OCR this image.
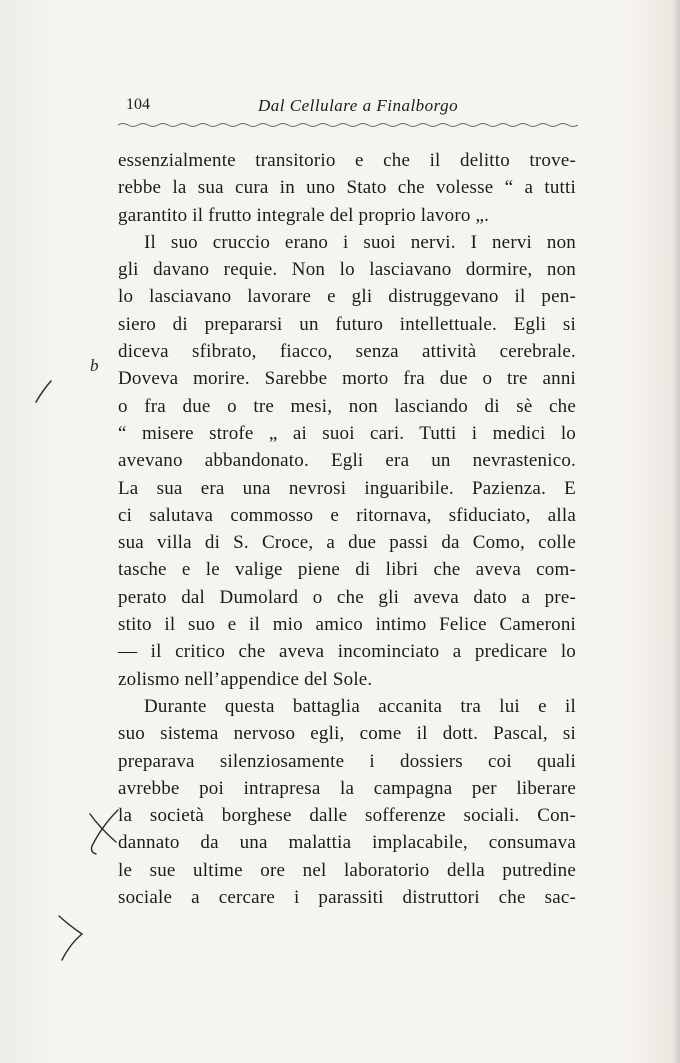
104	Dal Cellulare a Finalborgo

essenzialmente transitorio e che il delitto trove-
rebbe la sua cura in uno Stato che volesse “ a tutti
garantito il frutto integrale del proprio lavoro „.

Il suo cruccio erano i suoi nervi. I nervi non
gli davano requie. Non lo lasciavano dormire, non
lo lasciavano lavorare e gli distruggevano il pen-
siero di prepararsi un futuro intellettuale. Egli si
diceva sfibrato, fiacco, senza attività cerebrale.
Doveva morire. Sarebbe morto fra due o tre anni
o fra due o tre mesi, non lasciando di sè che
“ misere strofe „ ai suoi cari. Tutti i medici lo
avevano abbandonato. Egli era un nevrastenico.
La sua era una nevrosi inguaribile. Pazienza. E
ci salutava commosso e ritornava, sfiduciato, alla
sua villa di S. Croce, a due passi da Como, colle
tasche e le valige piene di libri che aveva com-
perato dal Dumolard o che gli aveva dato a pre-
stito il suo e il mio amico intimo Felice Cameroni
— il critico che aveva incominciato a predicare lo
zolismo nell’appendice del Sole.

Durante questa battaglia accanita tra lui e il
suo sistema nervoso egli, come il dott. Pascal, si
preparava silenziosamente i dossiers coi quali
avrebbe poi intrapresa la campagna per liberare
la società borghese dalle sofferenze sociali. Con-
dannato da una malattia implacabile, consumava
le sue ultime ore nel laboratorio della putredine
sociale a cercare i parassiti distruttori che sac-

b
